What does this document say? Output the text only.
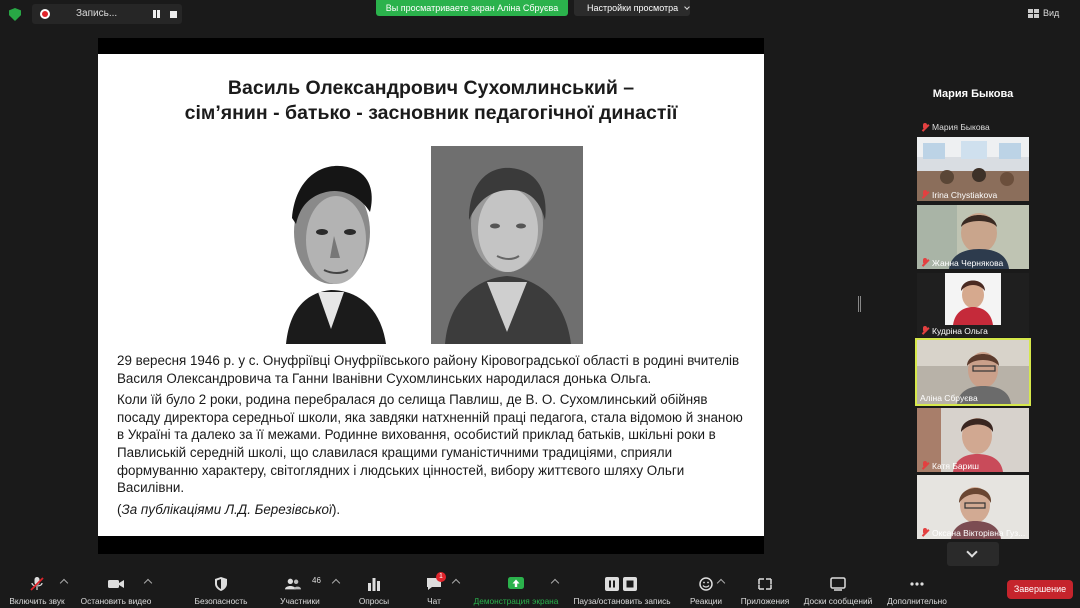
Запись...	Вы просматриваете экран Аліна Сбруєва	Настройки просмотра	Вид
Василь Олександрович Сухомлинський –
сім’янин - батько - засновник педагогічної династії

29 вересня 1946 р. у с. Онуфріївці Онуфріївського району Кіровоградської області в родині вчителів Василя Олександровича та Ганни Іванівни Сухомлинських народилася донька Ольга.

Коли їй було 2 роки, родина перебралася до селища Павлиш, де В. О. Сухомлинський обійняв посаду директора середньої школи, яка завдяки натхненній праці педагога, стала відомою й знаною в Україні та далеко за її межами. Родинне виховання, особистий приклад батьків, шкільні роки в Павлиській середній школі, що славилася кращими гуманістичними традиціями, сприяли формуванню характеру, світоглядних і людських цінностей, вибору життєвого шляху Ольги Василівни.

(За публікаціями Л.Д. Березівської).

Мария Быкова
Мария Быкова
Irina Chystiakova
Жанна Чернякова
Кудріна Ольга
Аліна Сбруєва
Катя Бариш
Оксана Вікторівна Гуз...
Включить звук	Остановить видео	Безопасность
46
Участники	Опросы
1
Чат	Демонстрация экрана	Пауза/остановить запись	Реакции	Приложения	Доски сообщений	Дополнительно
Завершение
